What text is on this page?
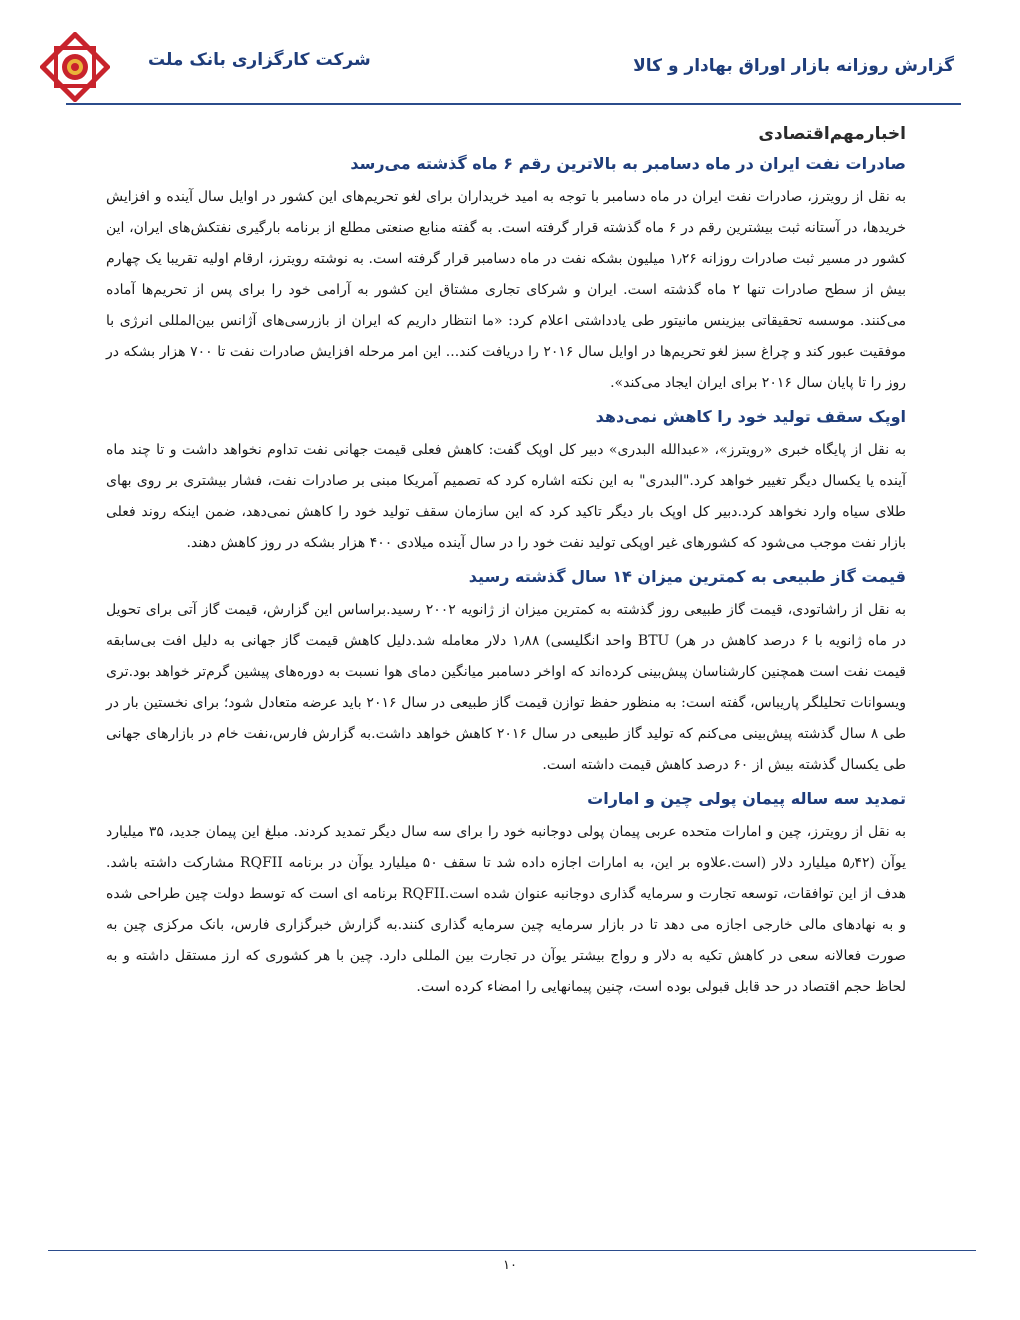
گزارش روزانه بازار اوراق بهادار و کالا
شرکت کارگزاری بانک ملت
اخبارمهم‌اقتصادی
صادرات نفت ایران در ماه دسامبر به بالاترین رقم ۶ ماه گذشته می‌رسد

به نقل از رویترز، صادرات نفت ایران در ماه دسامبر با توجه به امید خریداران برای لغو تحریم‌های این کشور در اوایل سال آینده و افزایش خریدها، در آستانه ثبت بیشترین رقم در ۶ ماه گذشته قرار گرفته است. به گفته منابع صنعتی مطلع از برنامه بارگیری نفتکش‌های ایران، این کشور در مسیر ثبت صادرات روزانه ۱٫۲۶ میلیون بشکه نفت در ماه دسامبر قرار گرفته است. به نوشته رویترز، ارقام اولیه تقریبا یک چهارم بیش از سطح صادرات تنها ۲ ماه گذشته است. ایران و شرکای تجاری مشتاق این کشور به آرامی خود را برای پس از تحریم‌ها آماده می‌کنند. موسسه تحقیقاتی بیزینس مانیتور طی یادداشتی اعلام کرد: «ما انتظار داریم که ایران از بازرسی‌های آژانس بین‌المللی انرژی با موفقیت عبور کند و چراغ سبز لغو تحریم‌ها در اوایل سال ۲۰۱۶ را دریافت کند... این امر مرحله افزایش صادرات نفت تا ۷۰۰ هزار بشکه در روز را تا پایان سال ۲۰۱۶ برای ایران ایجاد می‌کند».

اوپک سقف تولید خود را کاهش نمی‌دهد

به نقل از پایگاه خبری «رویترز»، «عبدالله البدری» دبیر کل اوپک گفت: کاهش فعلی قیمت جهانی نفت تداوم نخواهد داشت و تا چند ماه آینده یا یکسال دیگر تغییر خواهد کرد."البدری" به این نکته اشاره کرد که تصمیم آمریکا مبنی بر صادرات نفت، فشار بیشتری بر روی بهای طلای سیاه وارد نخواهد کرد.دبیر کل اوپک بار دیگر تاکید کرد که این سازمان سقف تولید خود را کاهش نمی‌دهد، ضمن اینکه روند فعلی بازار نفت موجب می‌شود که کشورهای غیر اوپکی تولید نفت خود را در سال آینده میلادی ۴۰۰ هزار بشکه در روز کاهش دهند.

قیمت گاز طبیعی به کمترین میزان ۱۴ سال گذشته رسید

به نقل از راشاتودی، قیمت گاز طبیعی روز گذشته به کمترین میزان از ژانویه ۲۰۰۲ رسید.براساس این گزارش، قیمت گاز آتی برای تحویل در ماه ژانویه با ۶ درصد کاهش در هر) BTU واحد انگلیسی) ۱٫۸۸ دلار معامله شد.دلیل کاهش قیمت گاز جهانی به دلیل افت بی‌سابقه قیمت نفت است همچنین کارشناسان پیش‌بینی کرده‌اند که اواخر دسامبر میانگین دمای هوا نسبت به دوره‌های پیشین گرم‌تر خواهد بود.تری ویسوانات تحلیلگر پاریباس، گفته است: به منظور حفظ توازن قیمت گاز طبیعی در سال ۲۰۱۶ باید عرضه متعادل شود؛ برای نخستین بار در طی ۸ سال گذشته پیش‌بینی می‌کنم که تولید گاز طبیعی در سال ۲۰۱۶ کاهش خواهد داشت.به گزارش فارس،نفت خام در بازارهای جهانی طی یکسال گذشته بیش از ۶۰ درصد کاهش قیمت داشته است.

تمدید سه ساله پیمان پولی چین و امارات

به نقل از رویترز، چین و امارات متحده عربی پیمان پولی دوجانبه خود را برای سه سال دیگر تمدید کردند. مبلغ این پیمان جدید، ۳۵ میلیارد یوآن (۵٫۴۲ میلیارد دلار (است.علاوه بر این، به امارات اجازه داده شد تا سقف ۵۰ میلیارد یوآن در برنامه RQFII مشارکت داشته باشد. هدف از این توافقات، توسعه تجارت و سرمایه گذاری دوجانبه عنوان شده است.RQFII برنامه ای است که توسط دولت چین طراحی شده و به نهادهای مالی خارجی اجازه می دهد تا در بازار سرمایه چین سرمایه گذاری کنند.به گزارش خبرگزاری فارس، بانک مرکزی چین به صورت فعالانه سعی در کاهش تکیه به دلار و رواج بیشتر یوآن در تجارت بین المللی دارد. چین با هر کشوری که ارز مستقل داشته و به لحاظ حجم اقتصاد در حد قابل قبولی بوده است، چنین پیمانهایی را امضاء کرده است.

۱۰
